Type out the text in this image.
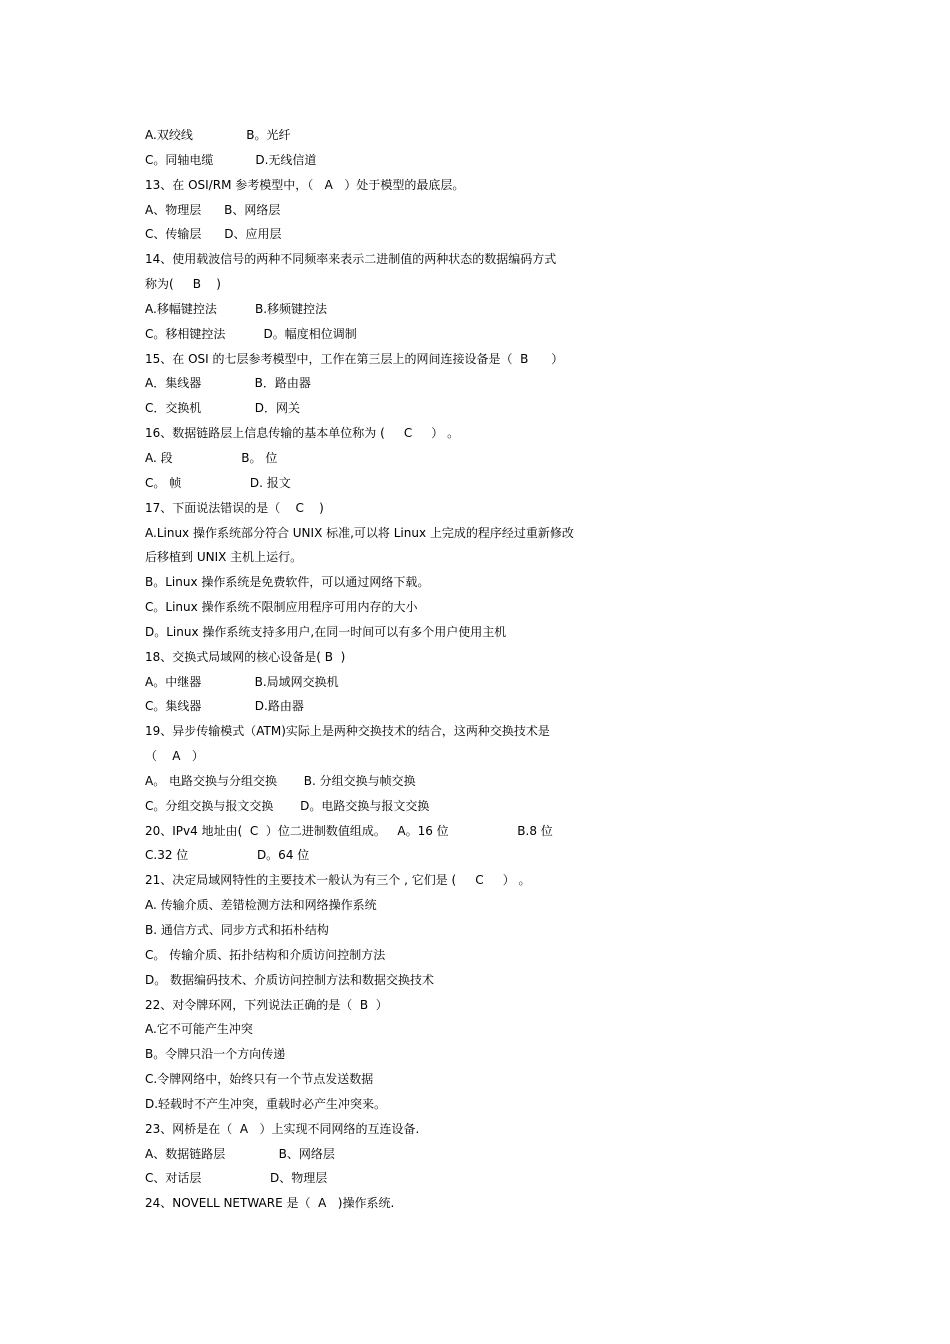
A.双绞线              B。光纤
C。同轴电缆           D.无线信道
13、在 OSI/RM 参考模型中，（   A   ）处于模型的最底层。
A、物理层      B、网络层
C、传输层      D、应用层
14、使用载波信号的两种不同频率来表示二进制值的两种状态的数据编码方式
称为(     B    )
A.移幅键控法          B.移频键控法
C。移相键控法          D。幅度相位调制
15、在 OSI 的七层参考模型中，工作在第三层上的网间连接设备是（  B      ）
A．集线器              B．路由器
C．交换机              D．网关
16、数据链路层上信息传输的基本单位称为 (     C     ） 。
A. 段                  B。 位
C。 帧                  D. 报文
17、下面说法错误的是（    C    )
A.Linux 操作系统部分符合 UNIX 标准,可以将 Linux 上完成的程序经过重新修改
后移植到 UNIX 主机上运行。
B。Linux 操作系统是免费软件，可以通过网络下载。
C。Linux 操作系统不限制应用程序可用内存的大小
D。Linux 操作系统支持多用户,在同一时间可以有多个用户使用主机
18、交换式局域网的核心设备是( B  )
A。中继器              B.局域网交换机
C。集线器              D.路由器
19、异步传输模式（ATM)实际上是两种交换技术的结合，这两种交换技术是
（    A   ）
A。 电路交换与分组交换       B. 分组交换与帧交换
C。分组交换与报文交换       D。电路交换与报文交换
20、IPv4 地址由(  C  ）位二进制数值组成。   A。16 位                  B.8 位
C.32 位                  D。64 位
21、决定局域网特性的主要技术一般认为有三个 , 它们是 (     C     ） 。
A. 传输介质、差错检测方法和网络操作系统
B. 通信方式、同步方式和拓朴结构
C。 传输介质、拓扑结构和介质访问控制方法
D。 数据编码技术、介质访问控制方法和数据交换技术
22、对令牌环网，下列说法正确的是（  B  ）
A.它不可能产生冲突
B。令牌只沿一个方向传递
C.令牌网络中，始终只有一个节点发送数据
D.轻载时不产生冲突，重载时必产生冲突来。
23、网桥是在（  A   ）上实现不同网络的互连设备.
A、数据链路层              B、网络层
C、对话层                  D、物理层
24、NOVELL NETWARE 是（  A   )操作系统.
